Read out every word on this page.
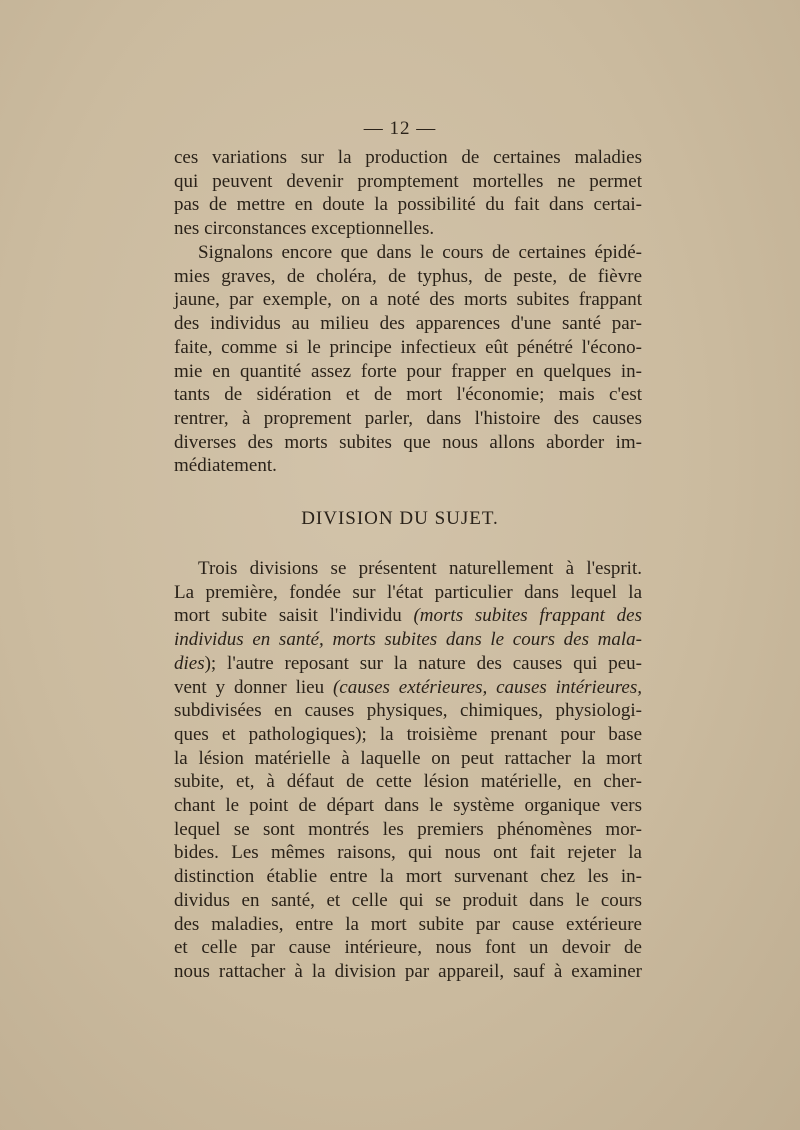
— 12 —

ces variations sur la production de certaines maladies

qui peuvent devenir promptement mortelles ne permet

pas de mettre en doute la possibilité du fait dans certai-

nes circonstances exceptionnelles.

Signalons encore que dans le cours de certaines épidé-

mies graves, de choléra, de typhus, de peste, de fièvre

jaune, par exemple, on a noté des morts subites frappant

des individus au milieu des apparences d'une santé par-

faite, comme si le principe infectieux eût pénétré l'écono-

mie en quantité assez forte pour frapper en quelques in-

tants de sidération et de mort l'économie; mais c'est

rentrer, à proprement parler, dans l'histoire des causes

diverses des morts subites que nous allons aborder im-

médiatement.

DIVISION DU SUJET.

Trois divisions se présentent naturellement à l'esprit.

La première, fondée sur l'état particulier dans lequel la

mort subite saisit l'individu (morts subites frappant des

individus en santé, morts subites dans le cours des mala-

dies); l'autre reposant sur la nature des causes qui peu-

vent y donner lieu (causes extérieures, causes intérieures,

subdivisées en causes physiques, chimiques, physiologi-

ques et pathologiques); la troisième prenant pour base

la lésion matérielle à laquelle on peut rattacher la mort

subite, et, à défaut de cette lésion matérielle, en cher-

chant le point de départ dans le système organique vers

lequel se sont montrés les premiers phénomènes mor-

bides. Les mêmes raisons, qui nous ont fait rejeter la

distinction établie entre la mort survenant chez les in-

dividus en santé, et celle qui se produit dans le cours

des maladies, entre la mort subite par cause extérieure

et celle par cause intérieure, nous font un devoir de

nous rattacher à la division par appareil, sauf à examiner
